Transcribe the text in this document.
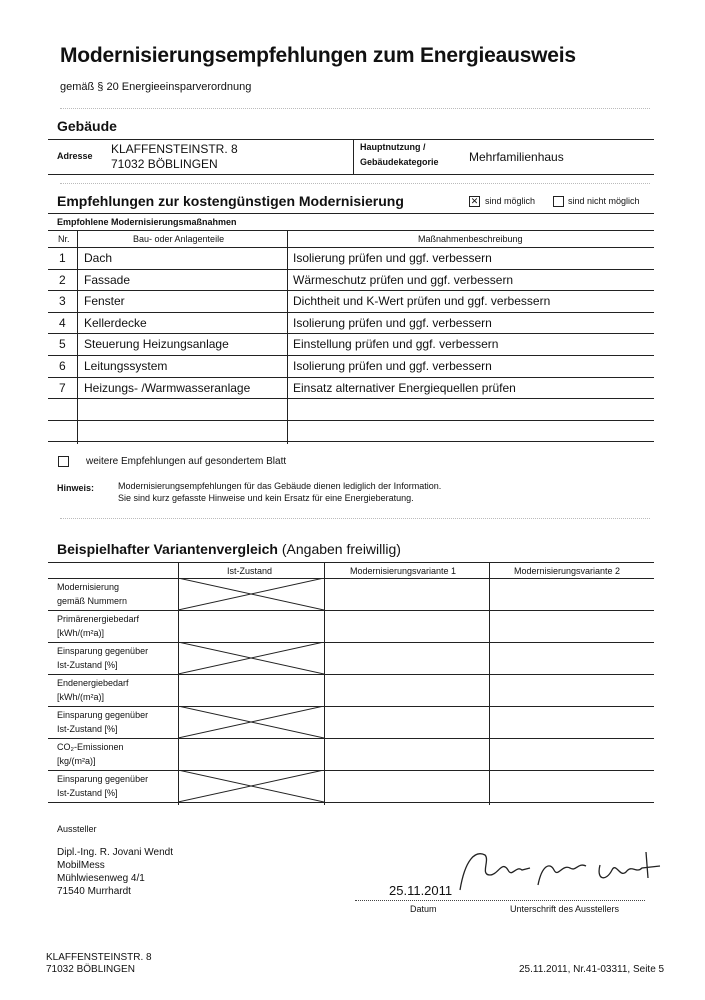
Modernisierungsempfehlungen zum Energieausweis
gemäß § 20 Energieeinsparverordnung
Gebäude
Adresse KLAFFENSTEINSTR. 8
71032 BÖBLINGEN
Hauptnutzung /
Gebäudekategorie	Mehrfamilienhaus
Empfehlungen zur kostengünstigen Modernisierung	✕ sind möglich	sind nicht möglich
Empfohlene Modernisierungsmaßnahmen
Nr.	Bau- oder Anlagenteile	Maßnahmenbeschreibung
1 Dach	Isolierung prüfen und ggf. verbessern
2 Fassade	Wärmeschutz prüfen und ggf. verbessern
3 Fenster	Dichtheit und K-Wert prüfen und ggf. verbessern
4 Kellerdecke	Isolierung prüfen und ggf. verbessern
5 Steuerung Heizungsanlage	Einstellung prüfen und ggf. verbessern
6 Leitungssystem	Isolierung prüfen und ggf. verbessern
7 Heizungs- /Warmwasseranlage	Einsatz alternativer Energiequellen prüfen
weitere Empfehlungen auf gesondertem Blatt
Hinweis:	Modernisierungsempfehlungen für das Gebäude dienen lediglich der Information.
Sie sind kurz gefasste Hinweise und kein Ersatz für eine Energieberatung.
Beispielhafter Variantenvergleich (Angaben freiwillig)
Ist-Zustand	Modernisierungsvariante 1	Modernisierungsvariante 2
Modernisierung
gemäß Nummern
Primärenergiebedarf
[kWh/(m²a)]
Einsparung gegenüber
Ist-Zustand [%]
Endenergiebedarf
[kWh/(m²a)]
Einsparung gegenüber
Ist-Zustand [%]
CO₂-Emissionen
[kg/(m²a)]
Einsparung gegenüber
Ist-Zustand [%]
Aussteller
Dipl.-Ing. R. Jovani Wendt
MobilMess
Mühlwiesenweg 4/1
71540 Murrhardt	25.11.2011
Datum	Unterschrift des Ausstellers
KLAFFENSTEINSTR. 8
71032 BÖBLINGEN	25.11.2011, Nr.41-03311, Seite 5
